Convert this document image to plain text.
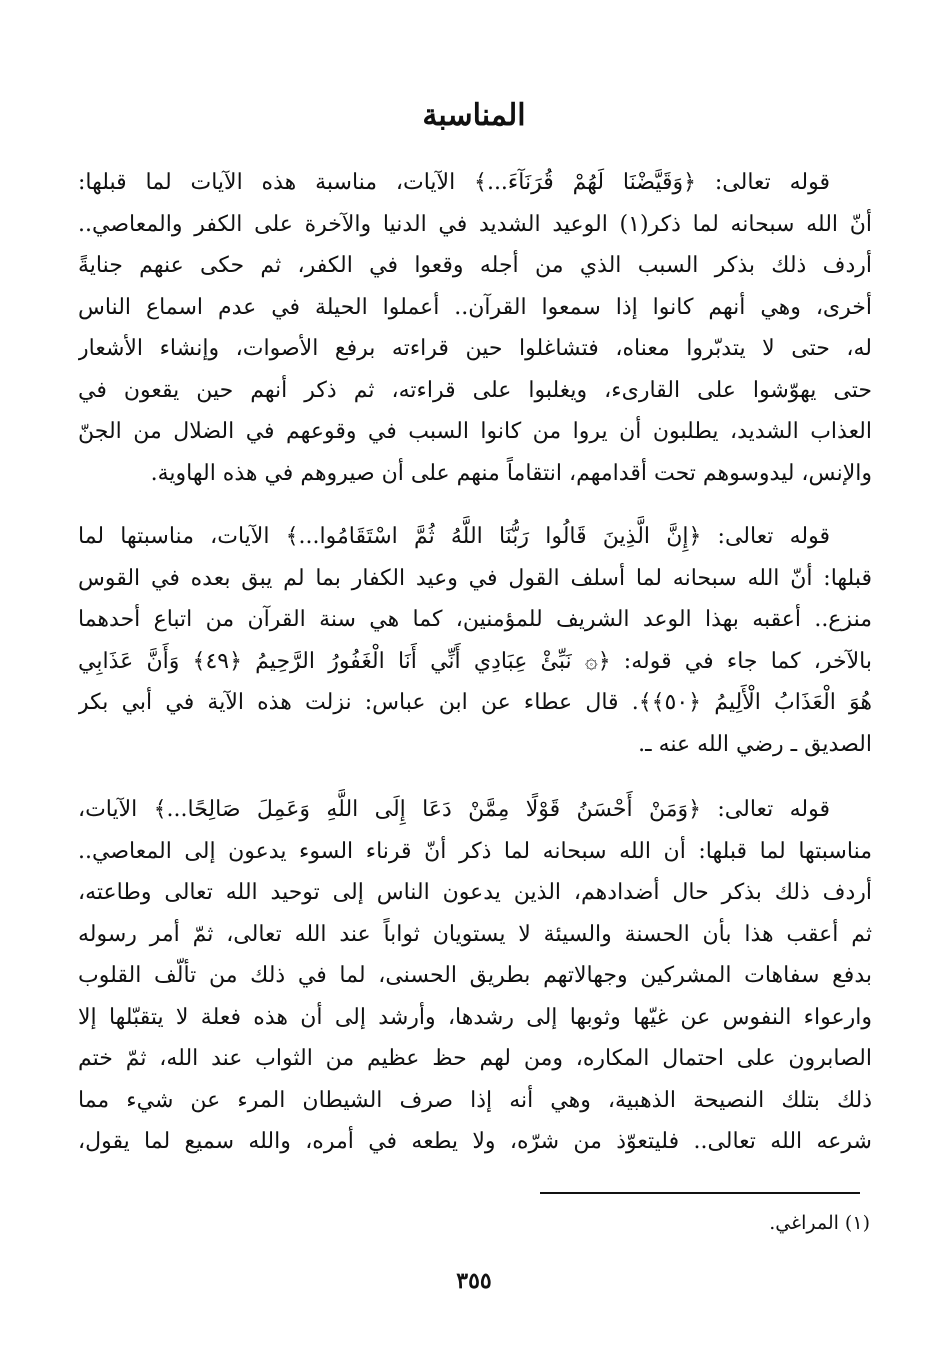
المناسبة
قوله تعالى: ﴿وَقَيَّضْنَا لَهُمْ قُرَنَآءَ...﴾ الآيات، مناسبة هذه الآيات لما قبلها:
أنّ الله سبحانه لما ذكر(١) الوعيد الشديد في الدنيا والآخرة على الكفر والمعاصي..
أردف ذلك بذكر السبب الذي من أجله وقعوا في الكفر، ثم حكى عنهم جنايةً
أخرى، وهي أنهم كانوا إذا سمعوا القرآن.. أعملوا الحيلة في عدم اسماع الناس
له، حتى لا يتدبّروا معناه، فتشاغلوا حين قراءته برفع الأصوات، وإنشاء الأشعار
حتى يهوّشوا على القارىء، ويغلبوا على قراءته، ثم ذكر أنهم حين يقعون في
العذاب الشديد، يطلبون أن يروا من كانوا السبب في وقوعهم في الضلال من الجنّ
والإنس، ليدوسوهم تحت أقدامهم، انتقاماً منهم على أن صيروهم في هذه الهاوية.
قوله تعالى: ﴿إِنَّ الَّذِينَ قَالُوا رَبُّنَا اللَّهُ ثُمَّ اسْتَقَامُوا...﴾ الآيات، مناسبتها لما
قبلها: أنّ الله سبحانه لما أسلف القول في وعيد الكفار بما لم يبق بعده في القوس
منزع.. أعقبه بهذا الوعد الشريف للمؤمنين، كما هي سنة القرآن من اتباع أحدهما
بالآخر، كما جاء في قوله: ﴿۞ نَبِّئْ عِبَادِي أَنِّي أَنَا الْغَفُورُ الرَّحِيمُ ﴿٤٩﴾ وَأَنَّ عَذَابِي
هُوَ الْعَذَابُ الْأَلِيمُ ﴿٥٠﴾﴾. قال عطاء عن ابن عباس: نزلت هذه الآية في أبي بكر
الصديق ـ رضي الله عنه ـ.
قوله تعالى: ﴿وَمَنْ أَحْسَنُ قَوْلًا مِمَّنْ دَعَا إِلَى اللَّهِ وَعَمِلَ صَالِحًا...﴾ الآيات،
مناسبتها لما قبلها: أن الله سبحانه لما ذكر أنّ قرناء السوء يدعون إلى المعاصي..
أردف ذلك بذكر حال أضدادهم، الذين يدعون الناس إلى توحيد الله تعالى وطاعته،
ثم أعقب هذا بأن الحسنة والسيئة لا يستويان ثواباً عند الله تعالى، ثمّ أمر رسوله
بدفع سفاهات المشركين وجهالاتهم بطريق الحسنى، لما في ذلك من تألّف القلوب
وارعواء النفوس عن غيّها وثوبها إلى رشدها، وأرشد إلى أن هذه فعلة لا يتقبّلها إلا
الصابرون على احتمال المكاره، ومن لهم حظ عظيم من الثواب عند الله، ثمّ ختم
ذلك بتلك النصيحة الذهبية، وهي أنه إذا صرف الشيطان المرء عن شيء مما
شرعه الله تعالى.. فليتعوّذ من شرّه، ولا يطعه في أمره، والله سميع لما يقول،
(١) المراغي.
٣٥٥
